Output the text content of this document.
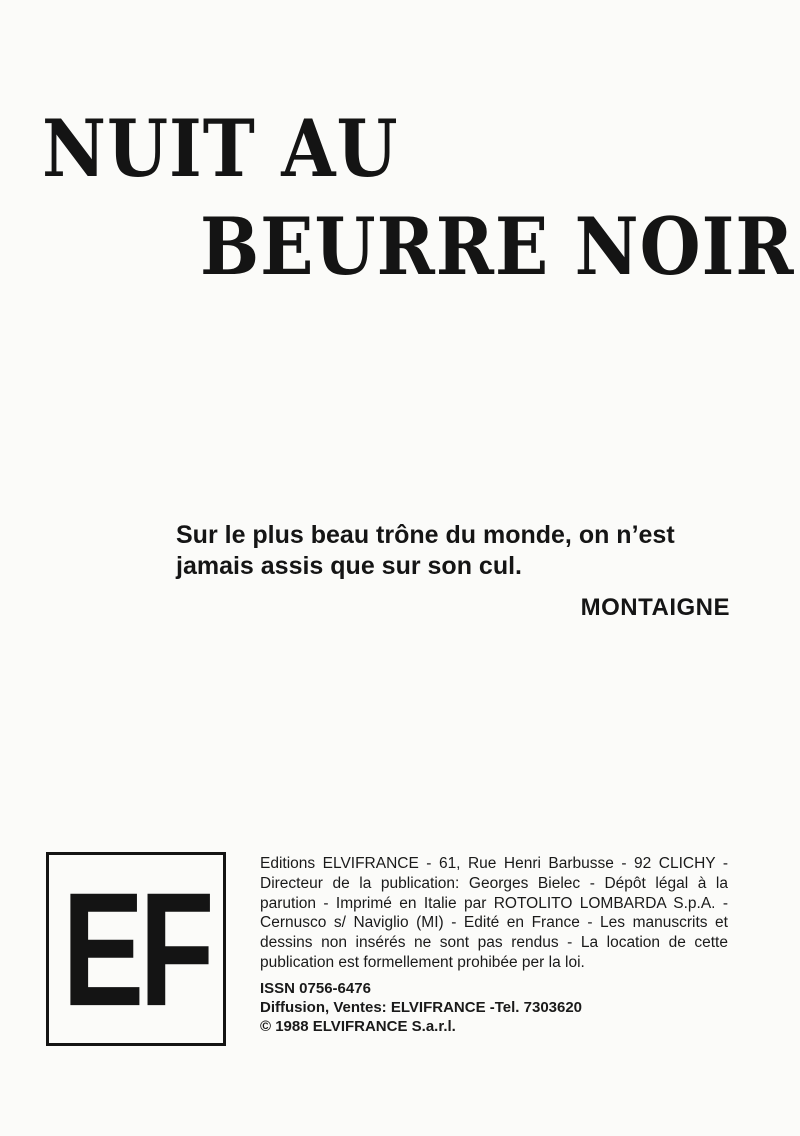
NUIT AU
BEURRE NOIR
Sur le plus beau trône du monde, on n’est jamais assis que sur son cul.
MONTAIGNE
EF	Editions ELVIFRANCE - 61, Rue Henri Barbusse - 92 CLICHY - Directeur de la publication: Georges Bielec - Dépôt légal à la parution - Imprimé en Italie par ROTOLITO LOMBARDA S.p.A. - Cernusco s/ Naviglio (MI) - Edité en France - Les manuscrits et dessins non insérés ne sont pas rendus - La location de cette publication est formellement prohibée per la loi.

ISSN 0756-6476

Diffusion, Ventes: ELVIFRANCE -Tel. 7303620

© 1988 ELVIFRANCE S.a.r.l.
